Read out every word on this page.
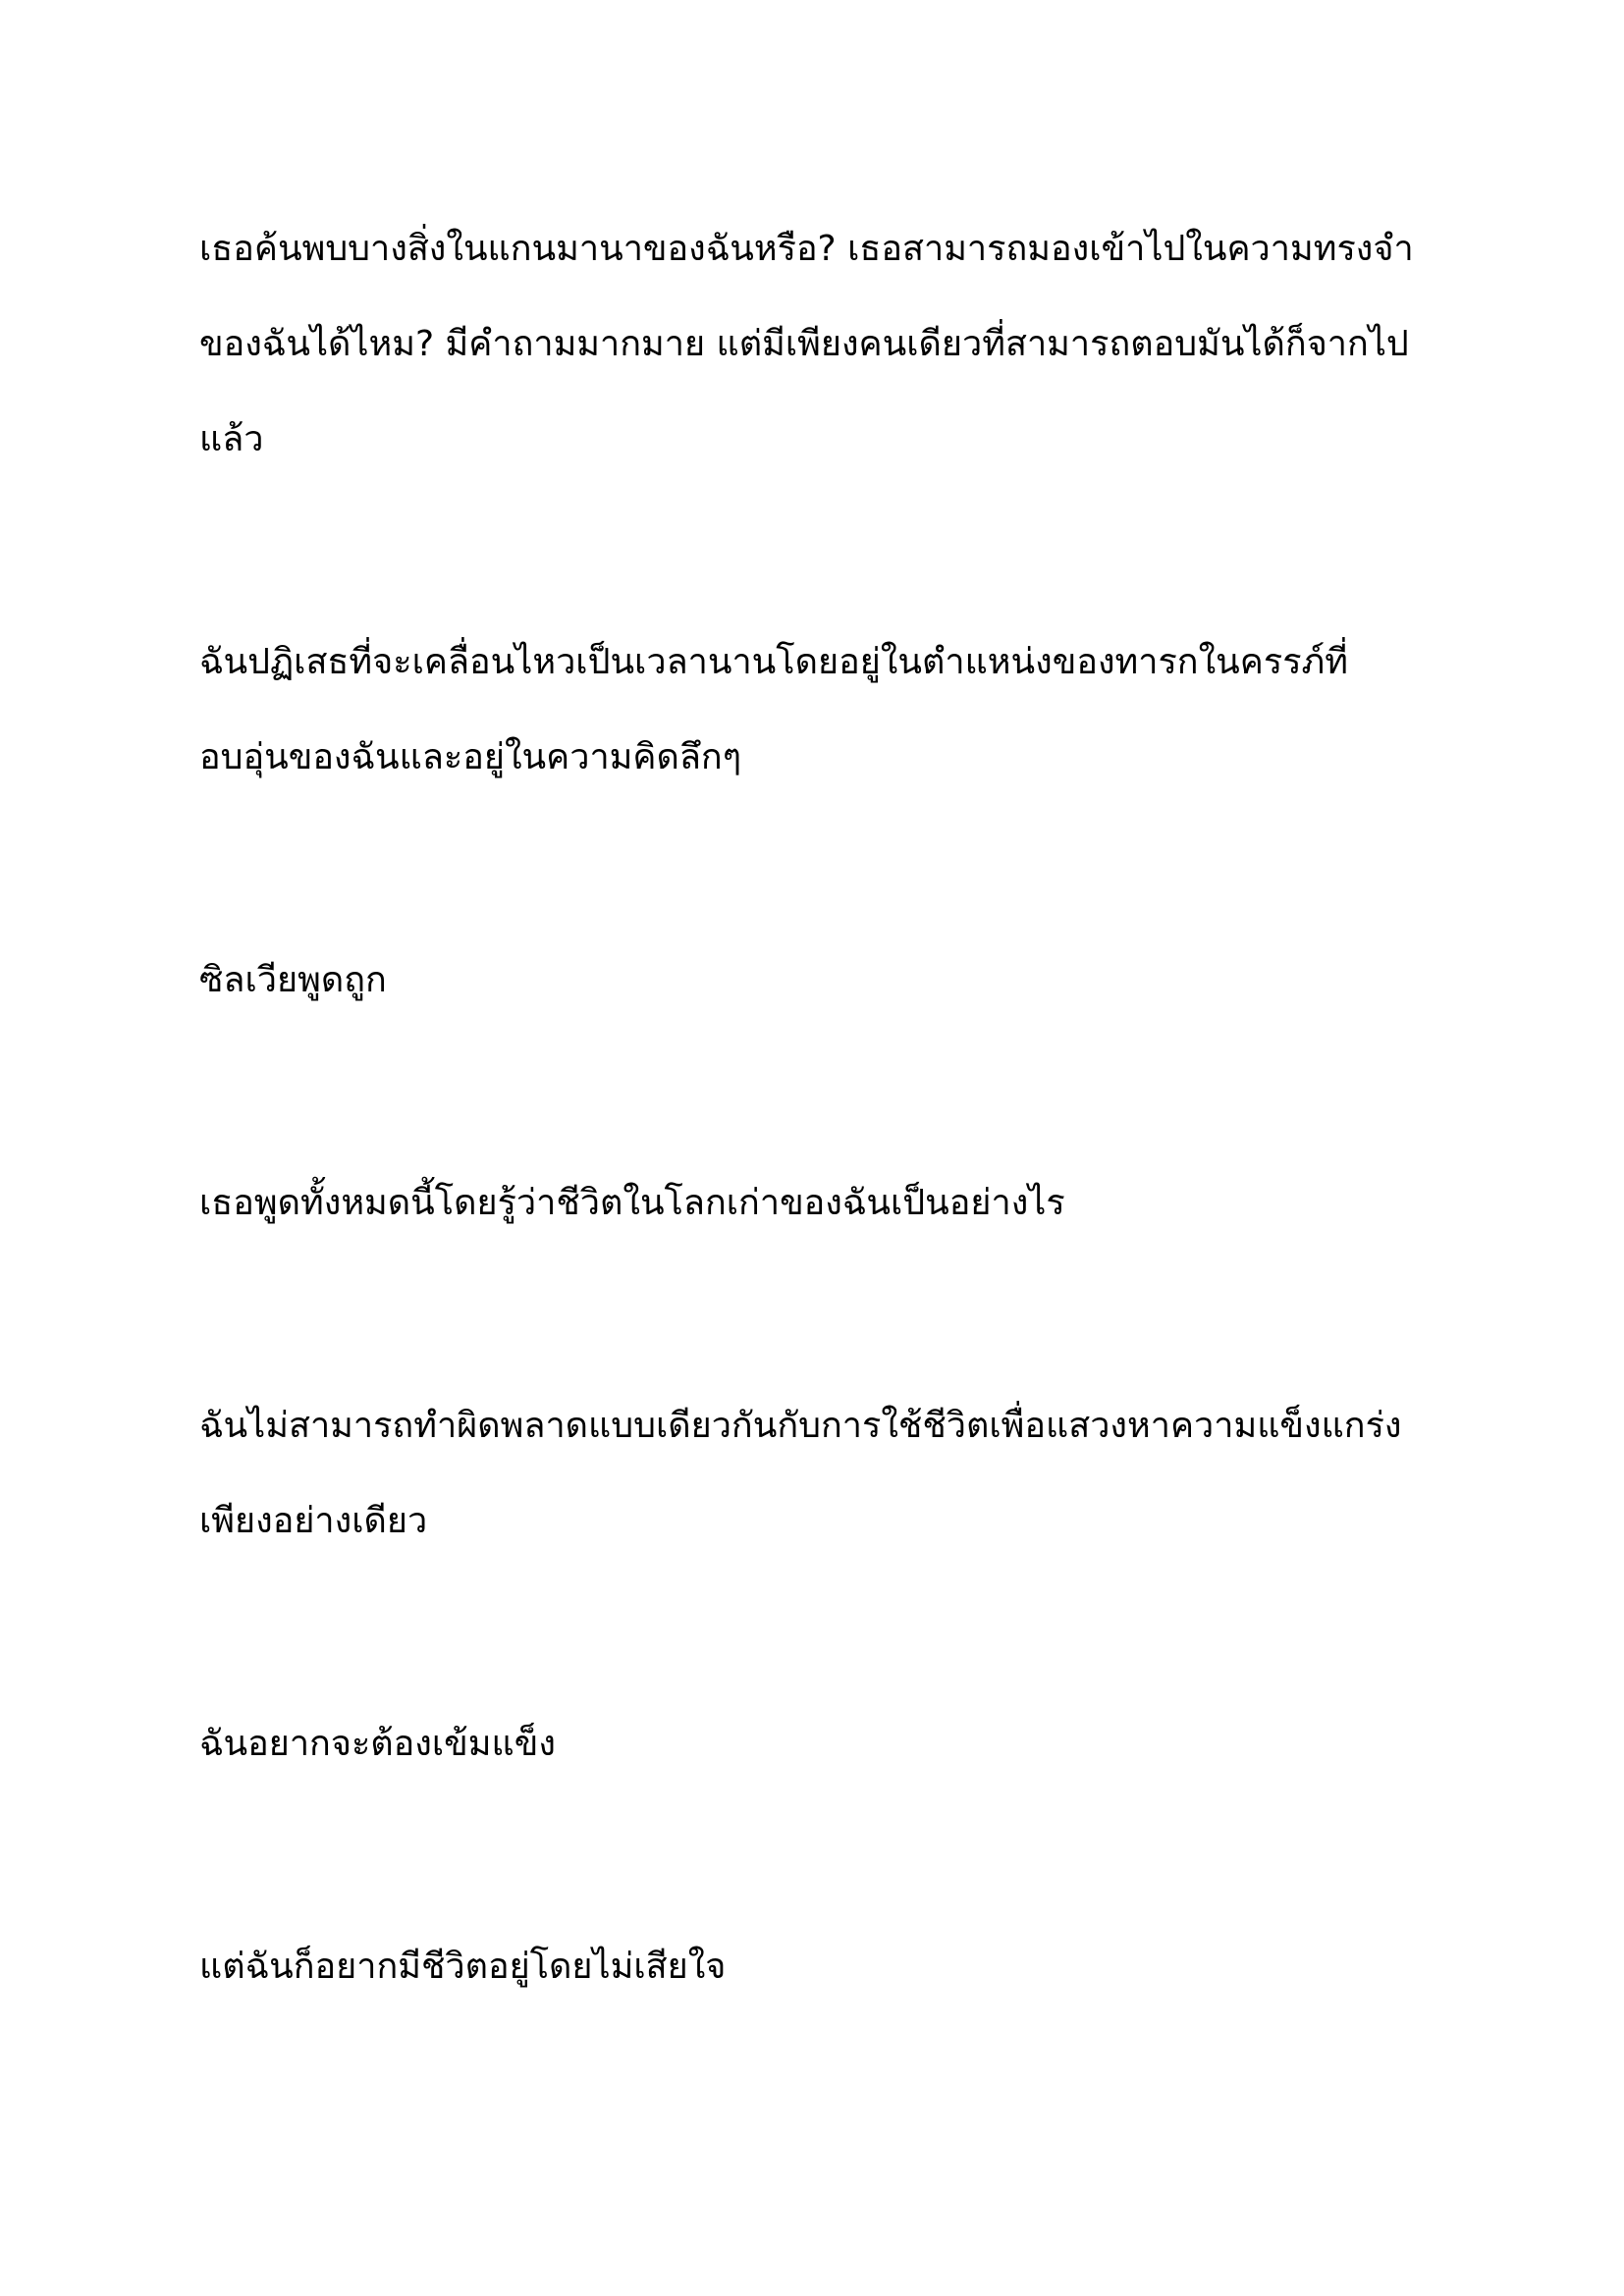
เธอค้นพบบางสิ่งในแกนมานาของฉันหรือ? เธอสามารถมองเข้าไปในความทรงจำของฉันได้ไหม? มีคำถามมากมาย แต่มีเพียงคนเดียวที่สามารถตอบมันได้ก็จากไปแล้ว

ฉันปฏิเสธที่จะเคลื่อนไหวเป็นเวลานานโดยอยู่ในตำแหน่งของทารกในครรภ์ที่อบอุ่นของฉันและอยู่ในความคิดลึกๆ

ซิลเวียพูดถูก

เธอพูดทั้งหมดนี้โดยรู้ว่าชีวิตในโลกเก่าของฉันเป็นอย่างไร

ฉันไม่สามารถทำผิดพลาดแบบเดียวกันกับการใช้ชีวิตเพื่อแสวงหาความแข็งแกร่งเพียงอย่างเดียว

ฉันอยากจะต้องเข้มแข็ง

แต่ฉันก็อยากมีชีวิตอยู่โดยไม่เสียใจ
